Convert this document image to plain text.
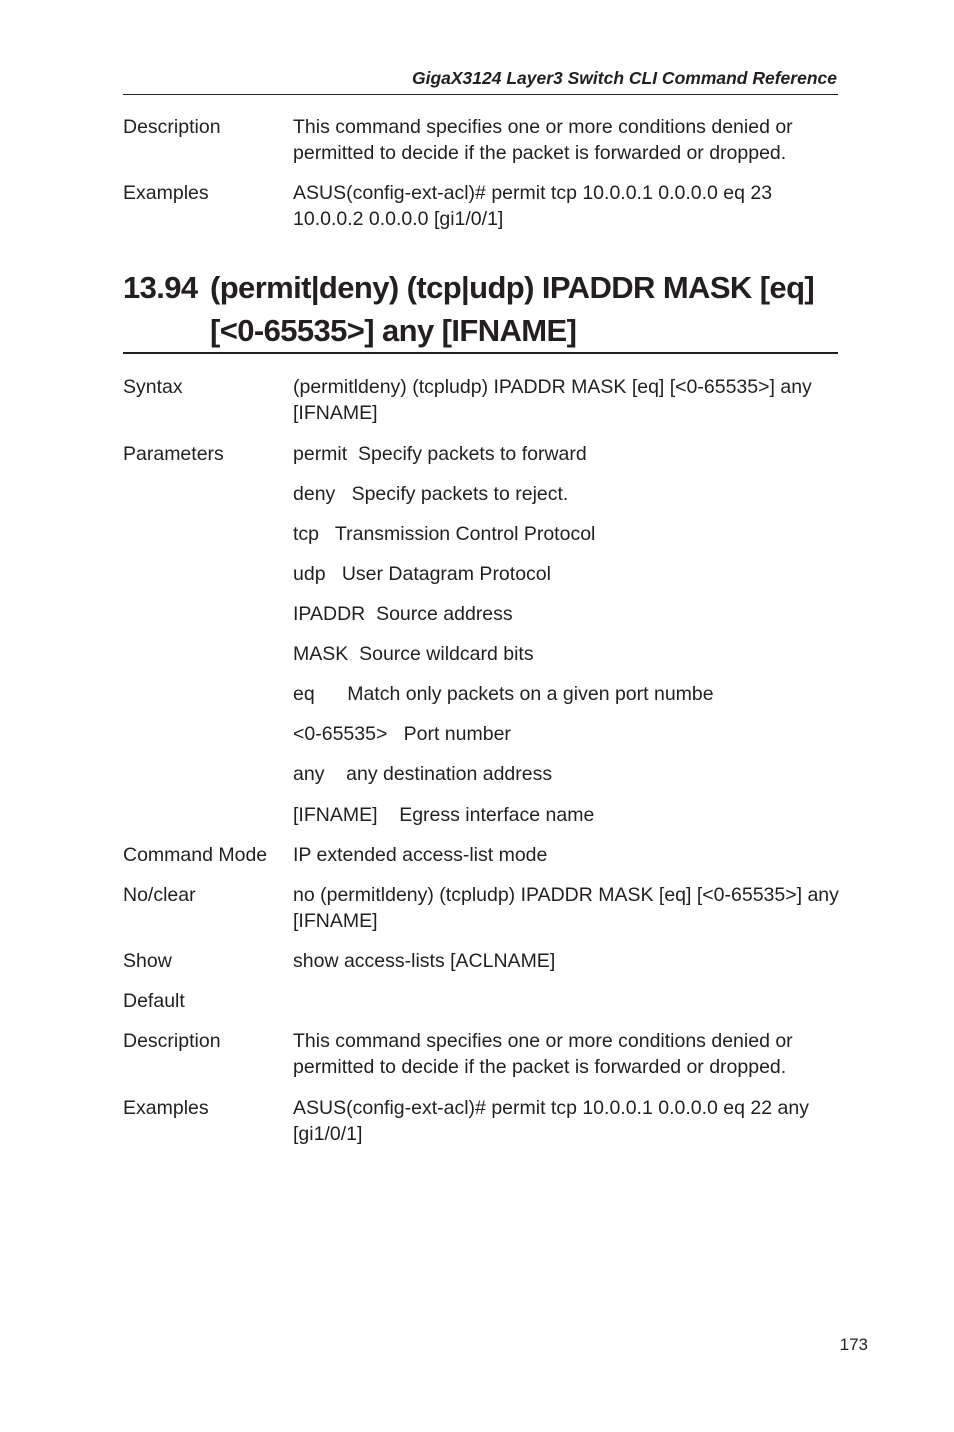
GigaX3124 Layer3 Switch CLI Command Reference
Description	This command specifies one or more conditions denied or permitted to decide if the packet is forwarded or dropped.
Examples	ASUS(config-ext-acl)# permit tcp 10.0.0.1 0.0.0.0 eq 23 10.0.0.2 0.0.0.0 [gi1/0/1]
13.94 (permit|deny) (tcp|udp) IPADDR MASK [eq] [<0-65535>] any [IFNAME]
Syntax	(permitldeny) (tcpludp) IPADDR MASK [eq] [<0-65535>] any [IFNAME]
Parameters	permit Specify packets to forward
deny Specify packets to reject.
tcp Transmission Control Protocol
udp User Datagram Protocol
IPADDR Source address
MASK Source wildcard bits
eq Match only packets on a given port numbe
<0-65535> Port number
any any destination address
[IFNAME] Egress interface name
Command Mode	IP extended access-list mode
No/clear	no (permitldeny) (tcpludp) IPADDR MASK [eq] [<0-65535>] any [IFNAME]
Show	show access-lists [ACLNAME]
Default
Description	This command specifies one or more conditions denied or permitted to decide if the packet is forwarded or dropped.
Examples	ASUS(config-ext-acl)# permit tcp 10.0.0.1 0.0.0.0 eq 22 any [gi1/0/1]
173
